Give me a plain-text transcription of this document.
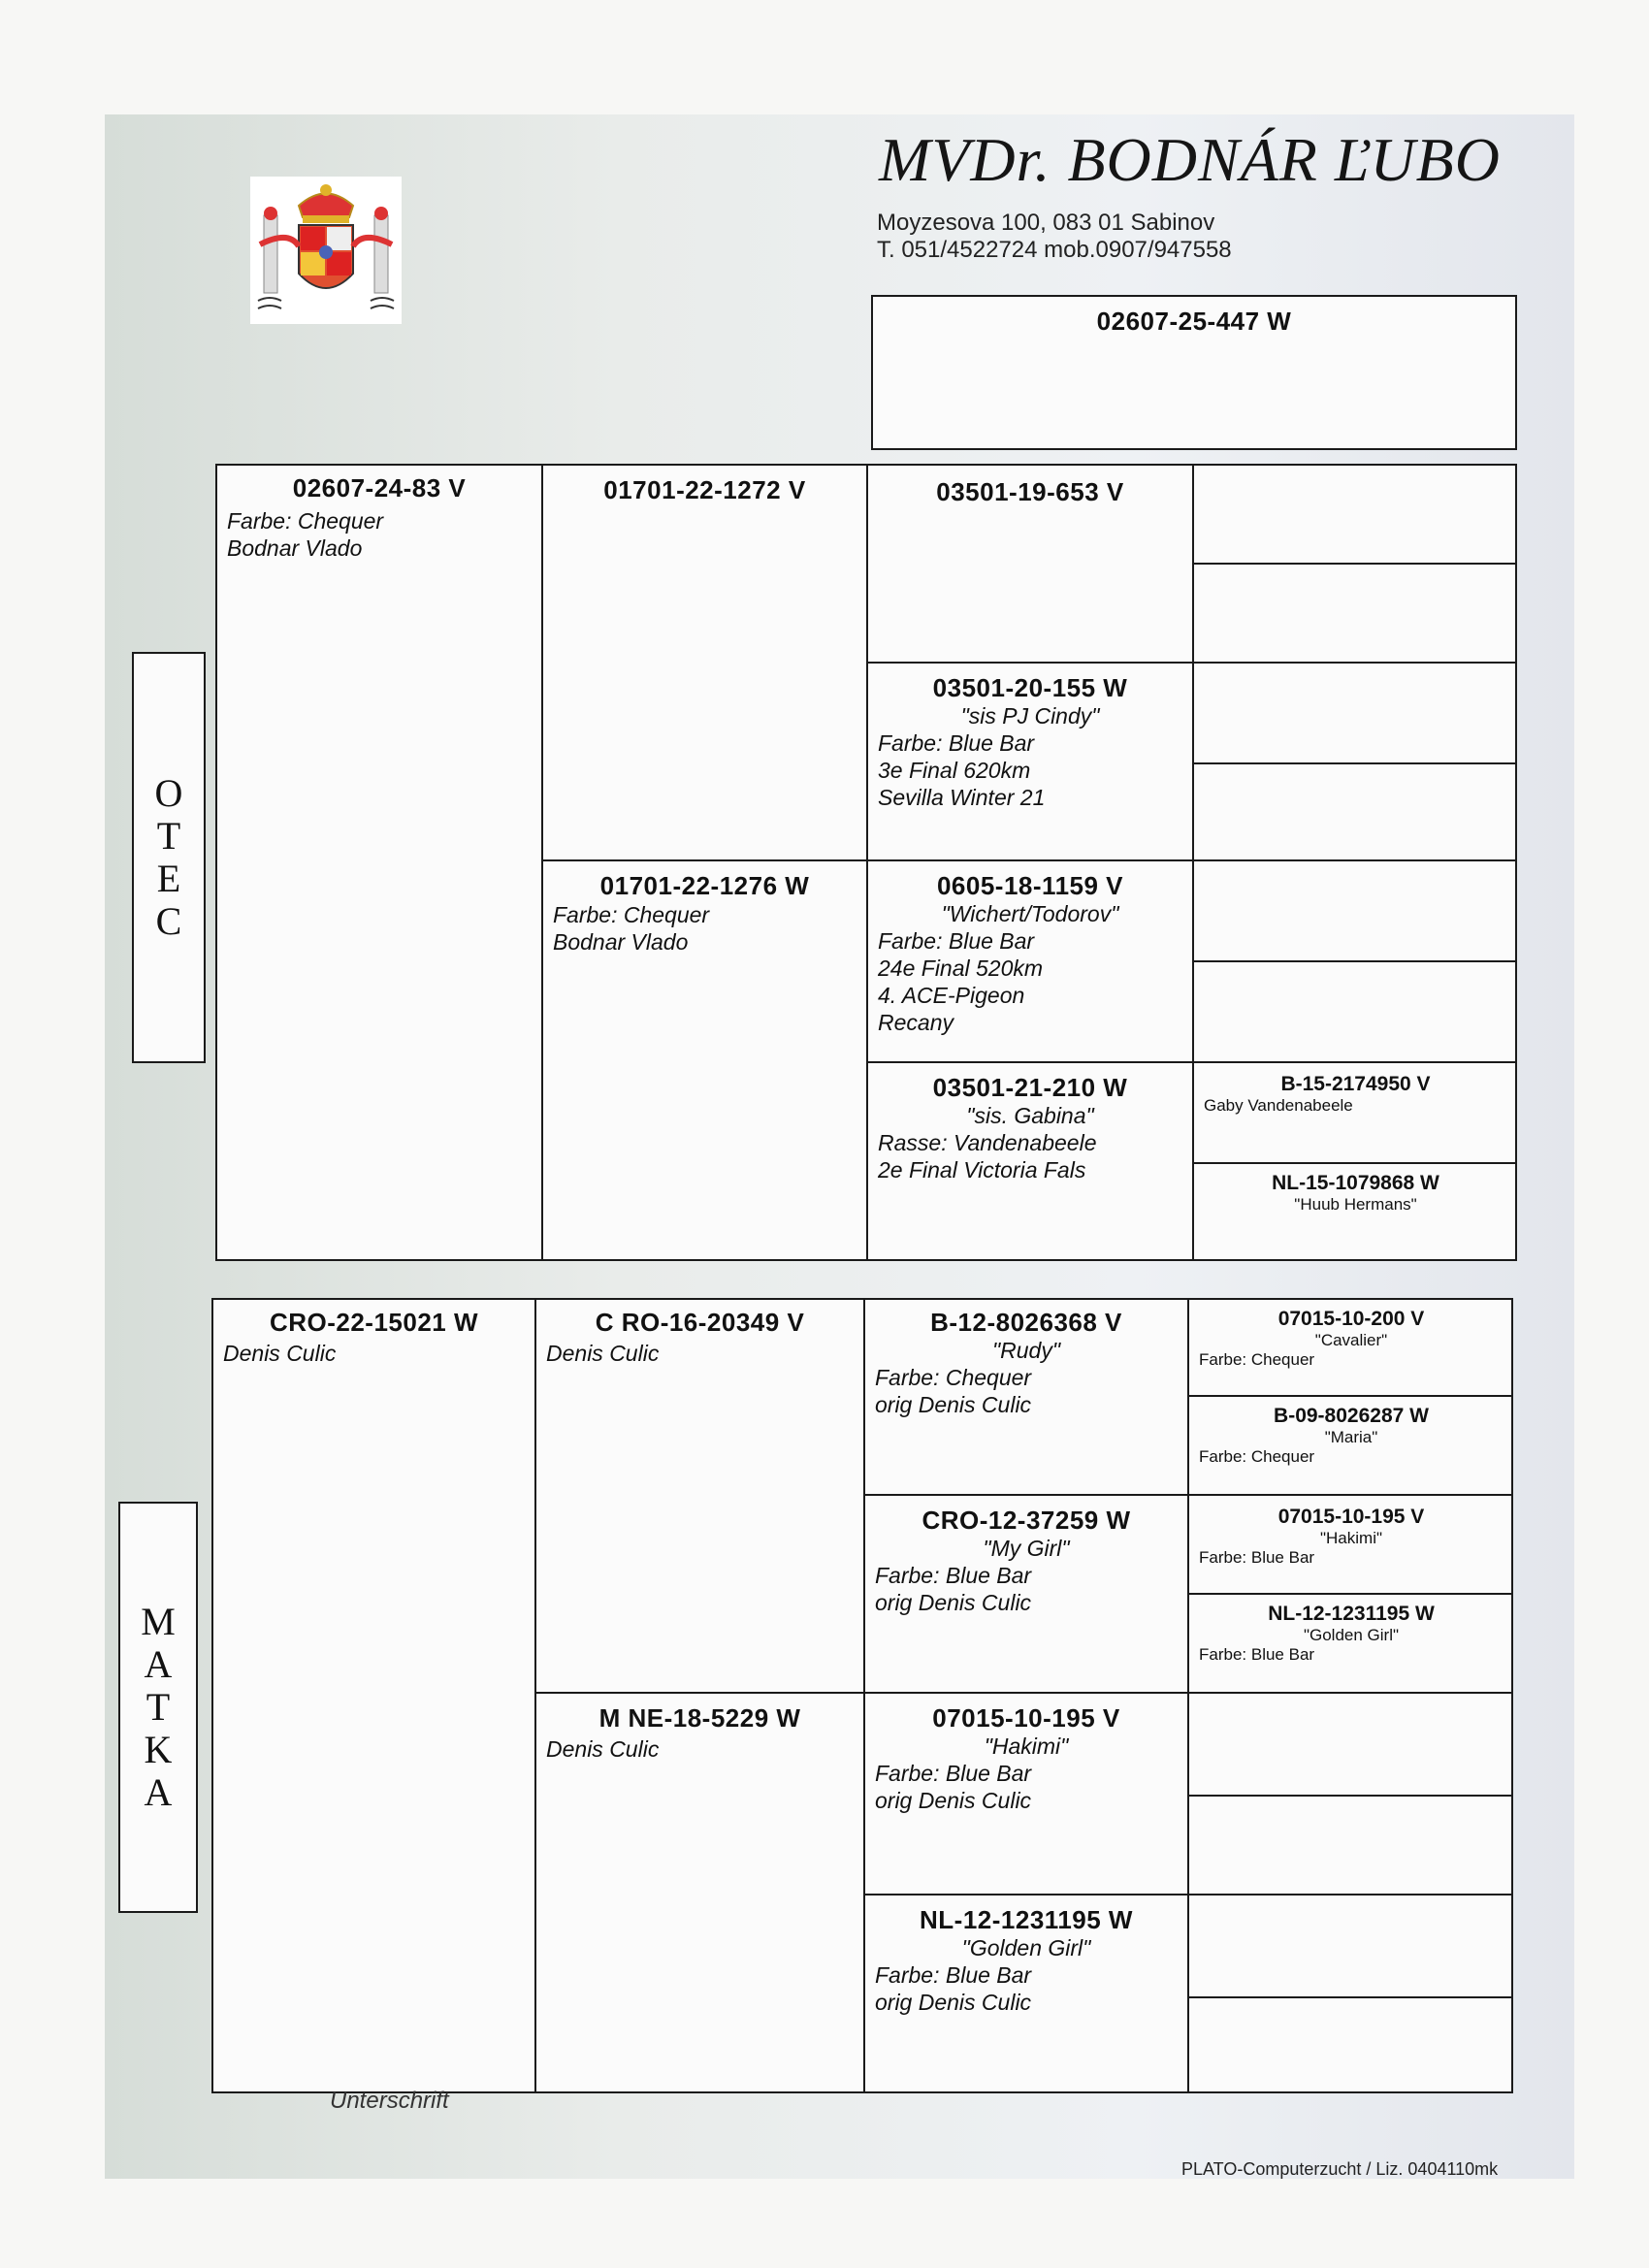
MVDr. BODNÁR ĽUBO
Moyzesova 100, 083 01 Sabinov
T. 051/4522724 mob.0907/947558
02607-25-447 W
O
T
E
C
M
A
T
K
A
02607-24-83 V
Farbe: Chequer
Bodnar Vlado
01701-22-1272 V
01701-22-1276 W
Farbe: Chequer
Bodnar Vlado
03501-19-653 V
03501-20-155 W
"sis PJ Cindy"
Farbe: Blue Bar
3e Final 620km
Sevilla Winter 21
0605-18-1159 V
"Wichert/Todorov"
Farbe: Blue Bar
24e Final 520km
4. ACE-Pigeon
Recany
03501-21-210 W
"sis. Gabina"
Rasse: Vandenabeele
2e Final Victoria Fals
B-15-2174950 V
Gaby Vandenabeele
NL-15-1079868 W
"Huub Hermans"
CRO-22-15021 W
Denis Culic
C RO-16-20349 V
Denis Culic
M NE-18-5229 W
Denis Culic
B-12-8026368 V
"Rudy"
Farbe: Chequer
orig Denis Culic
CRO-12-37259 W
"My Girl"
Farbe: Blue Bar
orig Denis Culic
07015-10-195 V
"Hakimi"
Farbe: Blue Bar
orig Denis Culic
NL-12-1231195 W
"Golden Girl"
Farbe: Blue Bar
orig Denis Culic
07015-10-200 V
"Cavalier"
Farbe: Chequer
B-09-8026287 W
"Maria"
Farbe: Chequer
07015-10-195 V
"Hakimi"
Farbe: Blue Bar
NL-12-1231195 W
"Golden Girl"
Farbe: Blue Bar
Unterschrift
PLATO-Computerzucht / Liz. 0404110mk
